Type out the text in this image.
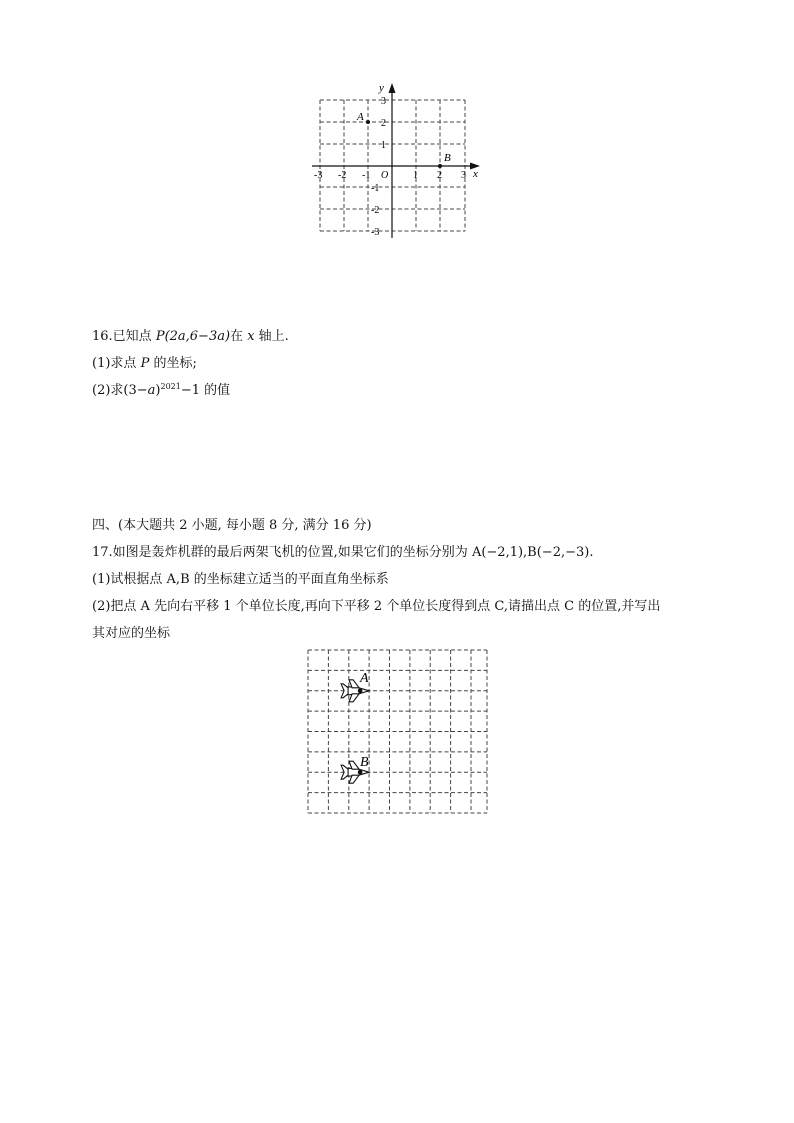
y
x
O
-3 -2 -1	1 2 3
3
2
1
-1
-2
-3
A
B
16.已知点 P(2a,6−3a)在 x 轴上.
(1)求点 P 的坐标;
(2)求$(3-a)^{2021}-1$ 的值
四、(本大题共 2 小题, 每小题 8 分, 满分 16 分)
17.如图是轰炸机群的最后两架飞机的位置,如果它们的坐标分别为 A(−2,1),B(−2,−3).
(1)试根据点 A,B 的坐标建立适当的平面直角坐标系
(2)把点 A 先向右平移 1 个单位长度,再向下平移 2 个单位长度得到点 C,请描出点 C 的位置,并写出
其对应的坐标
A
B
